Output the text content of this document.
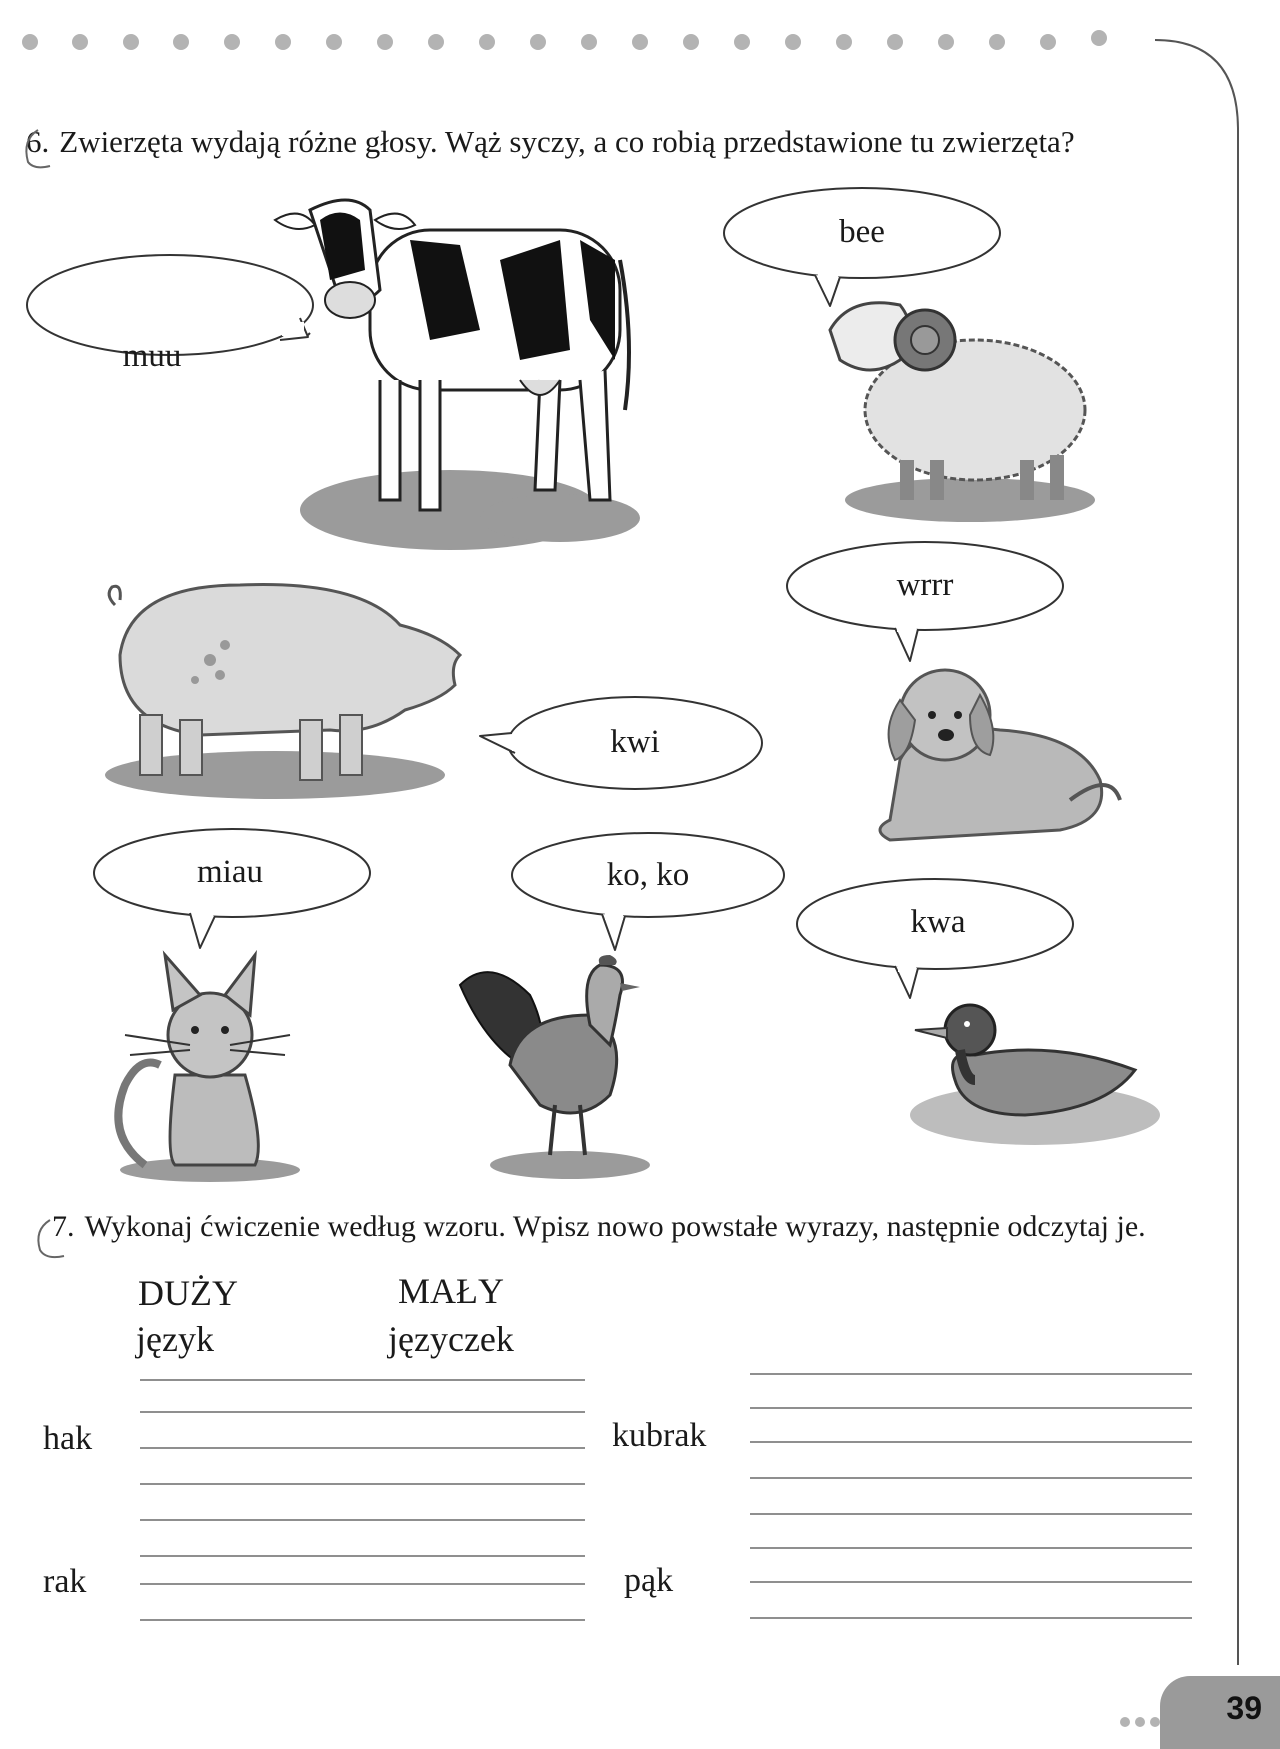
6. Zwierzęta wydają różne głosy. Wąż syczy, a co robią przedstawione tu zwierzęta?
muu
bee
wrrr
kwi
miau	ko, ko
kwa
7. Wykonaj ćwiczenie według wzoru. Wpisz nowo powstałe wyrazy, następnie odczytaj je.
DUŻY	MAŁY
język	języczek
hak
rak
kubrak
pąk
39
